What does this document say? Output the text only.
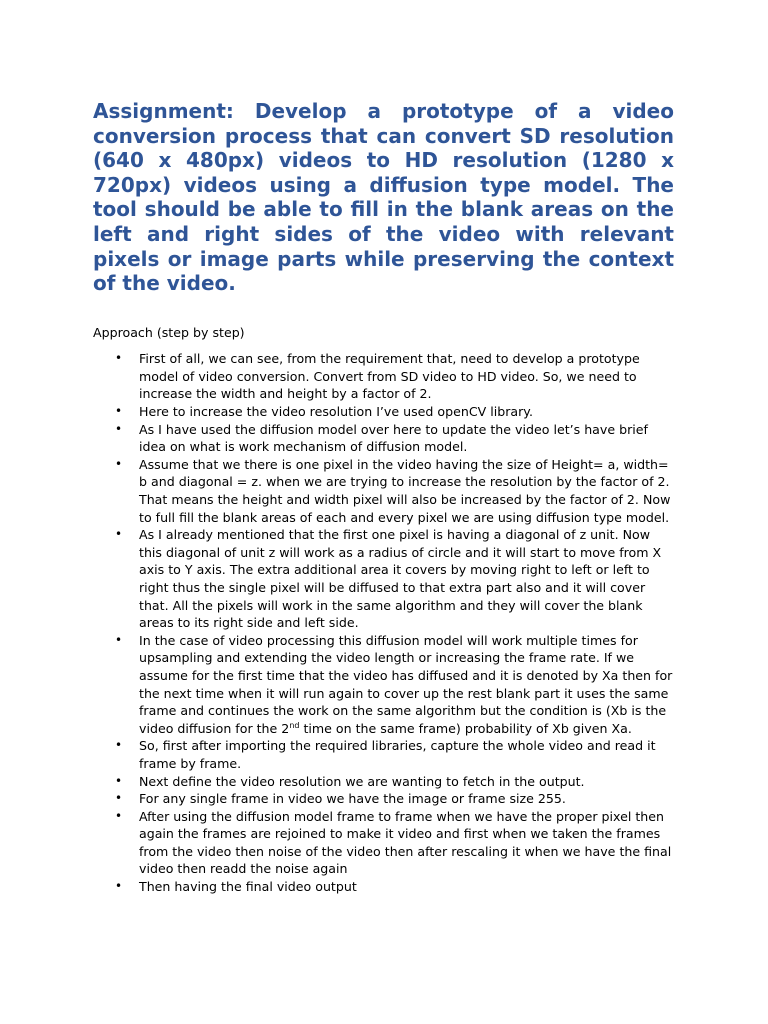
Assignment: Develop a prototype of a video conversion process that can convert SD resolution (640 x 480px) videos to HD resolution (1280 x 720px) videos using a diffusion type model. The tool should be able to fill in the blank areas on the left and right sides of the video with relevant pixels or image parts while preserving the context of the video.

Approach (step by step)

• First of all, we can see, from the requirement that, need to develop a prototype model of video conversion. Convert from SD video to HD video. So, we need to increase the width and height by a factor of 2.
• Here to increase the video resolution I’ve used openCV library.
• As I have used the diffusion model over here to update the video let’s have brief idea on what is work mechanism of diffusion model.
• Assume that we there is one pixel in the video having the size of Height= a, width= b and diagonal = z. when we are trying to increase the resolution by the factor of 2. That means the height and width pixel will also be increased by the factor of 2. Now to full fill the blank areas of each and every pixel we are using diffusion type model.
• As I already mentioned that the first one pixel is having a diagonal of z unit. Now this diagonal of unit z will work as a radius of circle and it will start to move from X axis to Y axis. The extra additional area it covers by moving right to left or left to right thus the single pixel will be diffused to that extra part also and it will cover that. All the pixels will work in the same algorithm and they will cover the blank areas to its right side and left side.
• In the case of video processing this diffusion model will work multiple times for upsampling and extending the video length or increasing the frame rate. If we assume for the first time that the video has diffused and it is denoted by Xa then for the next time when it will run again to cover up the rest blank part it uses the same frame and continues the work on the same algorithm but the condition is (Xb is the video diffusion for the 2nd time on the same frame) probability of Xb given Xa.
• So, first after importing the required libraries, capture the whole video and read it frame by frame.
• Next define the video resolution we are wanting to fetch in the output.
• For any single frame in video we have the image or frame size 255.
• After using the diffusion model frame to frame when we have the proper pixel then again the frames are rejoined to make it video and first when we taken the frames from the video then noise of the video then after rescaling it when we have the final video then readd the noise again
• Then having the final video output
